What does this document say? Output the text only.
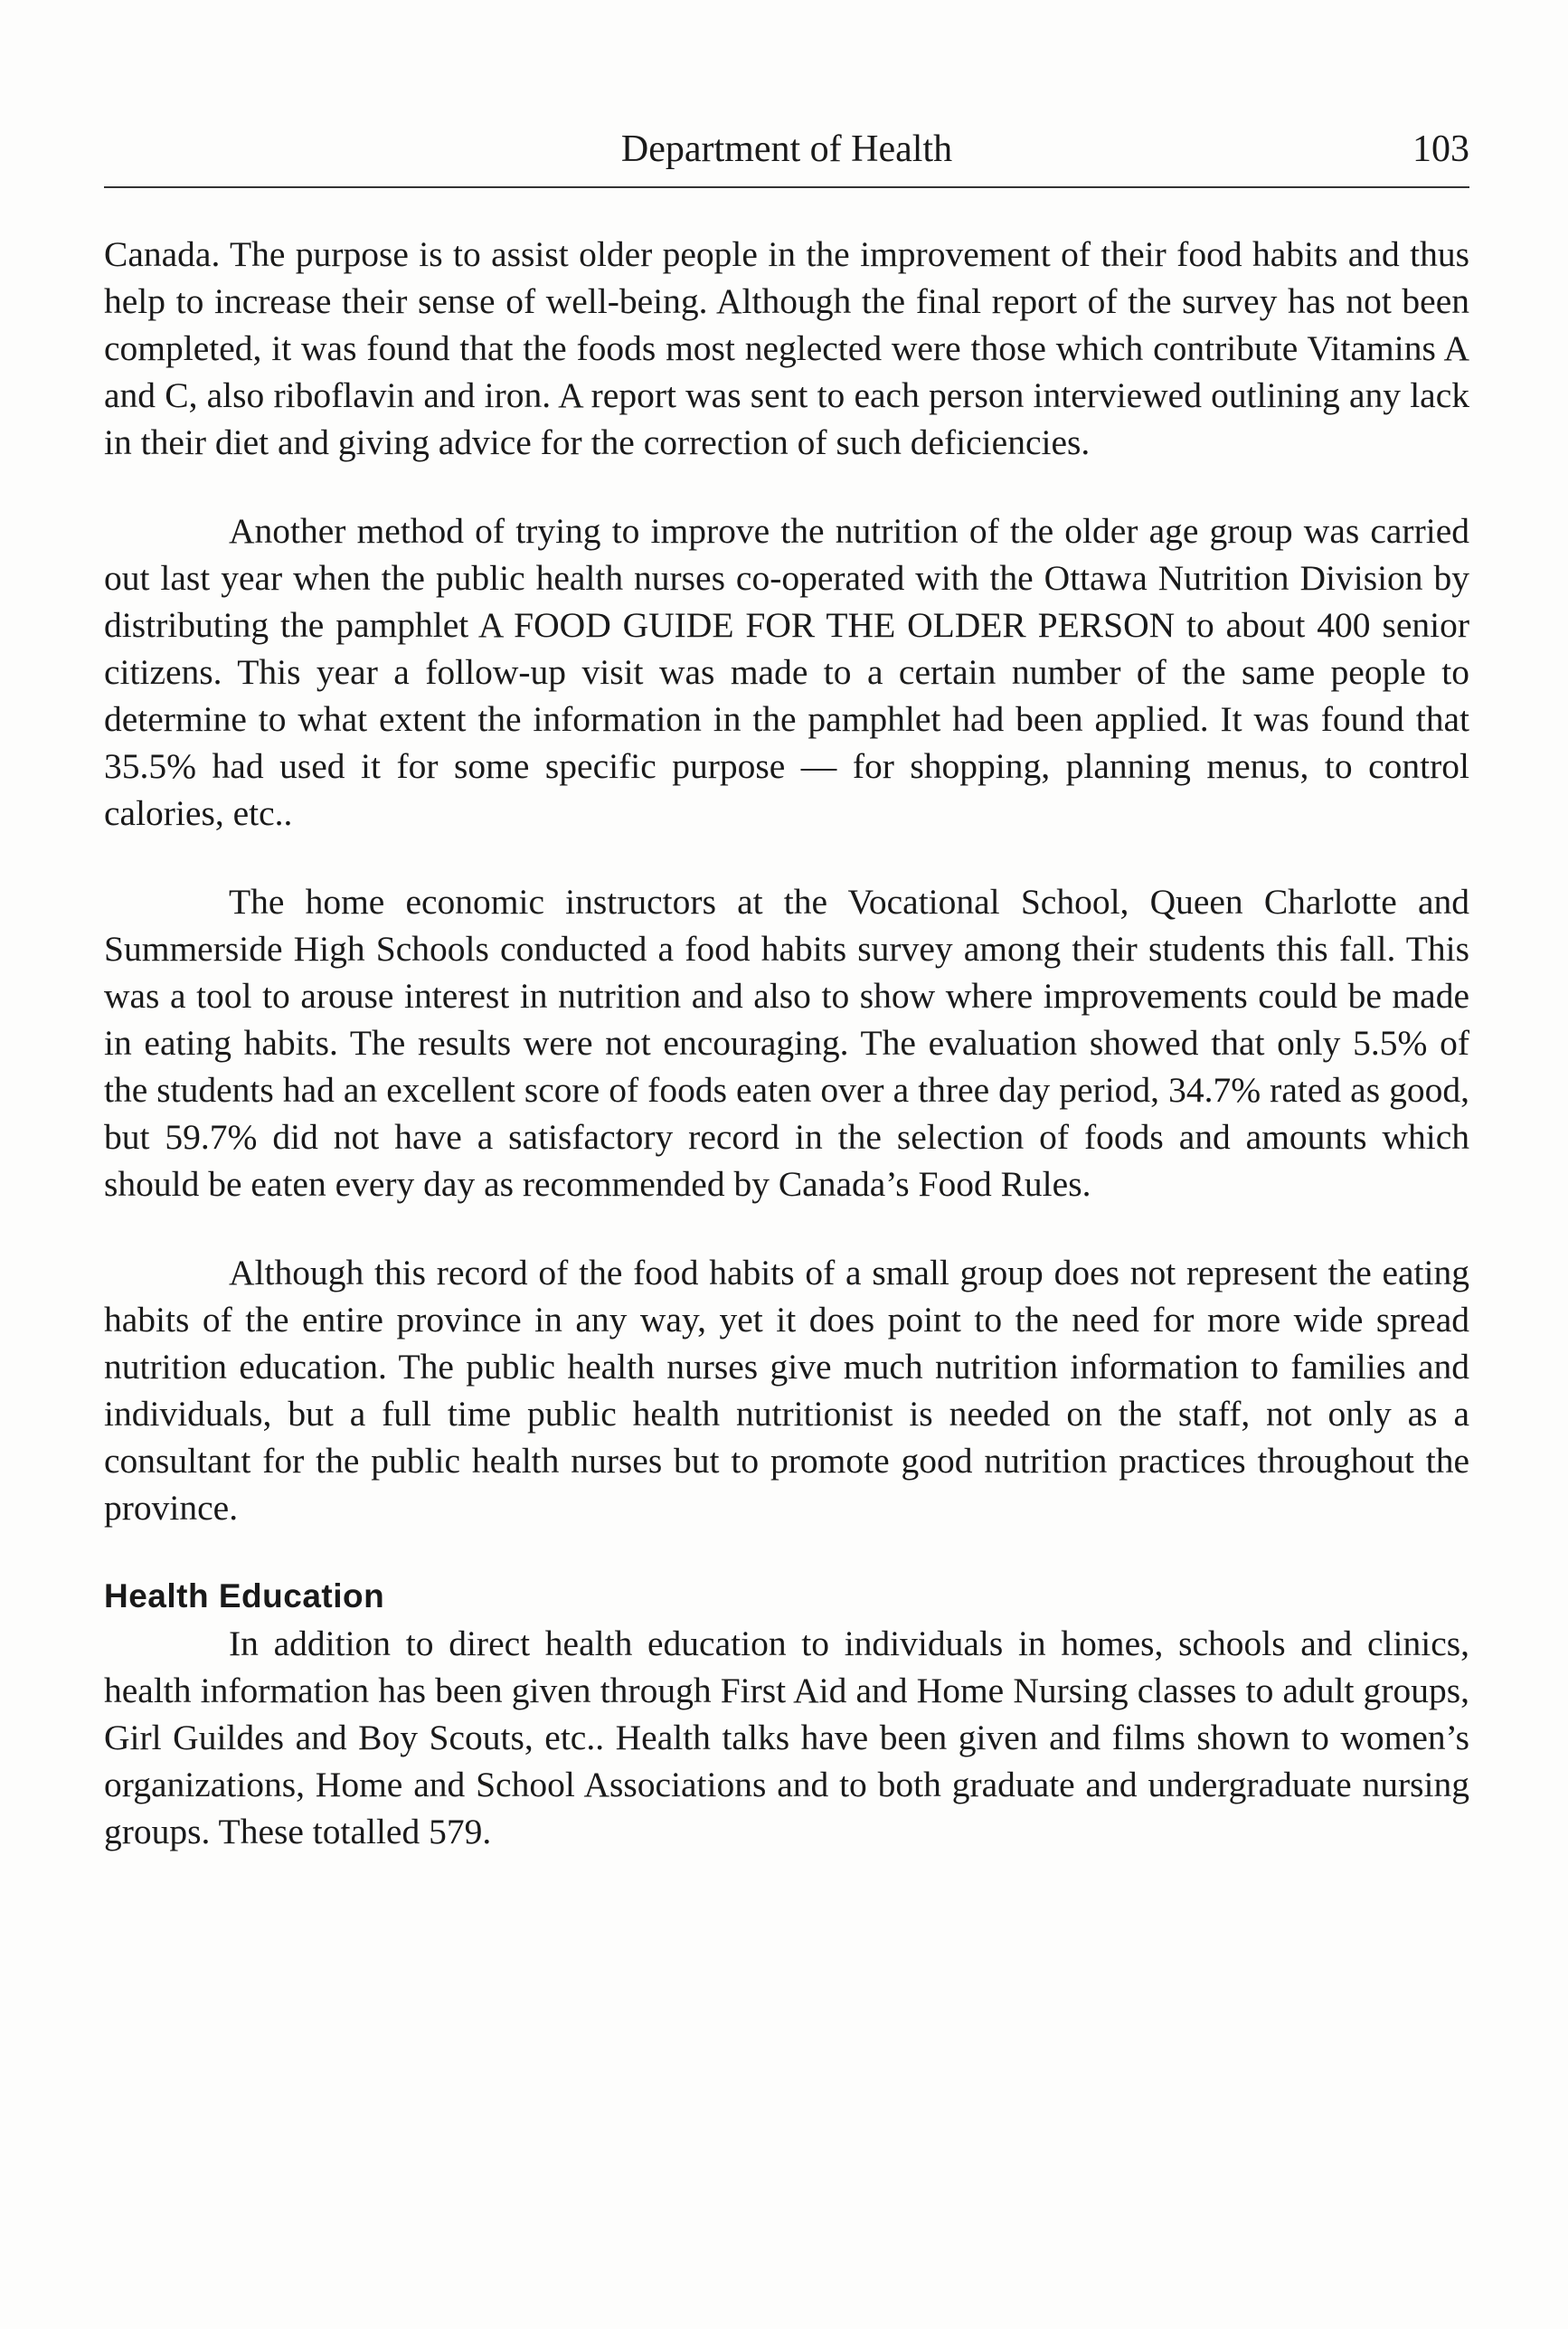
Department of Health	103

Canada. The purpose is to assist older people in the improvement of their food habits and thus help to increase their sense of well-being. Although the final report of the survey has not been completed, it was found that the foods most neglected were those which contribute Vitamins A and C, also riboflavin and iron. A report was sent to each person interviewed outlining any lack in their diet and giving advice for the correction of such deficiencies.

Another method of trying to improve the nutrition of the older age group was carried out last year when the public health nurses co-operated with the Ottawa Nutrition Division by distributing the pamphlet A FOOD GUIDE FOR THE OLDER PERSON to about 400 senior citizens. This year a follow-up visit was made to a certain number of the same people to determine to what extent the information in the pamphlet had been applied. It was found that 35.5% had used it for some specific purpose — for shopping, planning menus, to control calories, etc..

The home economic instructors at the Vocational School, Queen Charlotte and Summerside High Schools conducted a food habits survey among their students this fall. This was a tool to arouse interest in nutrition and also to show where improvements could be made in eating habits. The results were not encouraging. The evaluation showed that only 5.5% of the students had an excellent score of foods eaten over a three day period, 34.7% rated as good, but 59.7% did not have a satisfactory record in the selection of foods and amounts which should be eaten every day as recommended by Canada’s Food Rules.

Although this record of the food habits of a small group does not represent the eating habits of the entire province in any way, yet it does point to the need for more wide spread nutrition education. The public health nurses give much nutrition information to families and individuals, but a full time public health nutritionist is needed on the staff, not only as a consultant for the public health nurses but to promote good nutrition practices throughout the province.

Health Education

In addition to direct health education to individuals in homes, schools and clinics, health information has been given through First Aid and Home Nursing classes to adult groups, Girl Guildes and Boy Scouts, etc.. Health talks have been given and films shown to women’s organizations, Home and School Associations and to both graduate and undergraduate nursing groups. These totalled 579.
